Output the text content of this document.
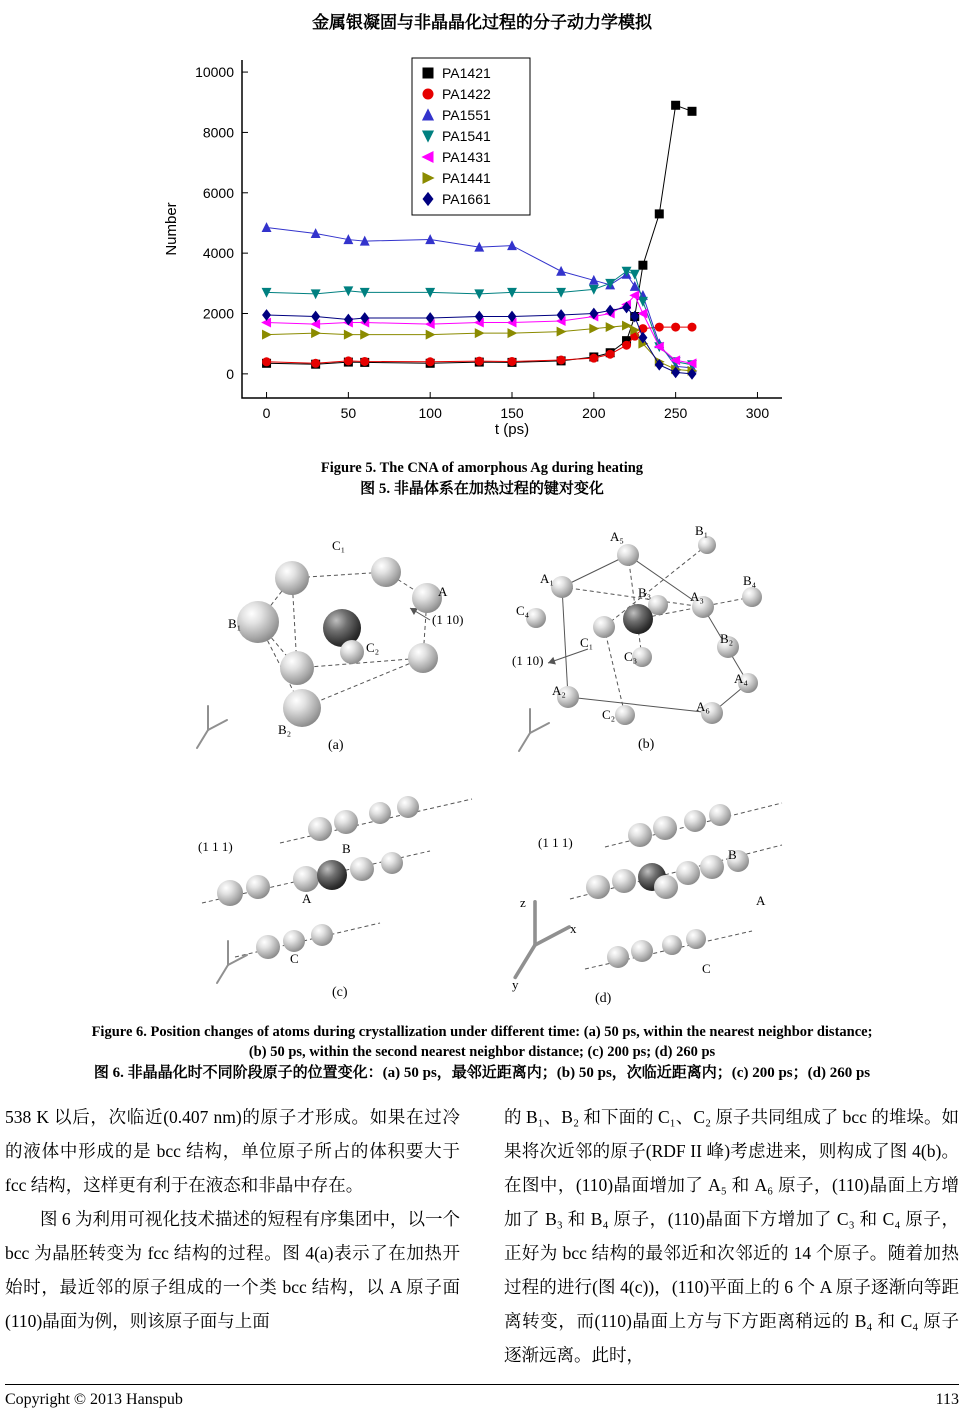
金属银凝固与非晶晶化过程的分子动力学模拟
0	50	100	150	200	250	300
0
2000
4000
6000
8000
10000
t (ps)
Number
PA1421
PA1422
PA1551
PA1541
PA1431
PA1441
PA1661
Figure 5. The CNA of amorphous Ag during heating
图 5. 非晶体系在加热过程的键对变化
C₁
A
B₁
C₂
B₂
(1 10)
(a)
A₅	B₁
A₁	B₄
A₃
B₃
C₄
C₁	B₂
C₃
(1 10)
A₄
A₂
C₂
A₆
(b)
(1 1 1)	B
A
C
(c)
(1 1 1)
B
A
C
z
x
y
(d)
Figure 6. Position changes of atoms during crystallization under different time: (a) 50 ps, within the nearest neighbor distance;
(b) 50 ps, within the second nearest neighbor distance; (c) 200 ps; (d) 260 ps
图 6. 非晶晶化时不同阶段原子的位置变化：(a) 50 ps，最邻近距离内；(b) 50 ps，次临近距离内；(c) 200 ps；(d) 260 ps

538 K 以后，次临近(0.407 nm)的原子才形成。如果在过冷的液体中形成的是 bcc 结构，单位原子所占的体积要大于 fcc 结构，这样更有利于在液态和非晶中存在。

图 6 为利用可视化技术描述的短程有序集团中，以一个 bcc 为晶胚转变为 fcc 结构的过程。图 4(a)表示了在加热开始时，最近邻的原子组成的一个类 bcc 结构，以 A 原子面(110)晶面为例，则该原子面与上面

的 B₁、B₂ 和下面的 C₁、C₂ 原子共同组成了 bcc 的堆垛。如果将次近邻的原子(RDF II 峰)考虑进来，则构成了图 4(b)。在图中，(110)晶面增加了 A₅ 和 A₆ 原子，(110)晶面上方增加了 B₃ 和 B₄ 原子，(110)晶面下方增加了 C₃ 和 C₄ 原子，正好为 bcc 结构的最邻近和次邻近的 14 个原子。随着加热过程的进行(图 4(c))，(110)平面上的 6 个 A 原子逐渐向等距离转变，而(110)晶面上方与下方距离稍远的 B₄ 和 C₄ 原子逐渐远离。此时，

Copyright © 2013 Hanspub	113
